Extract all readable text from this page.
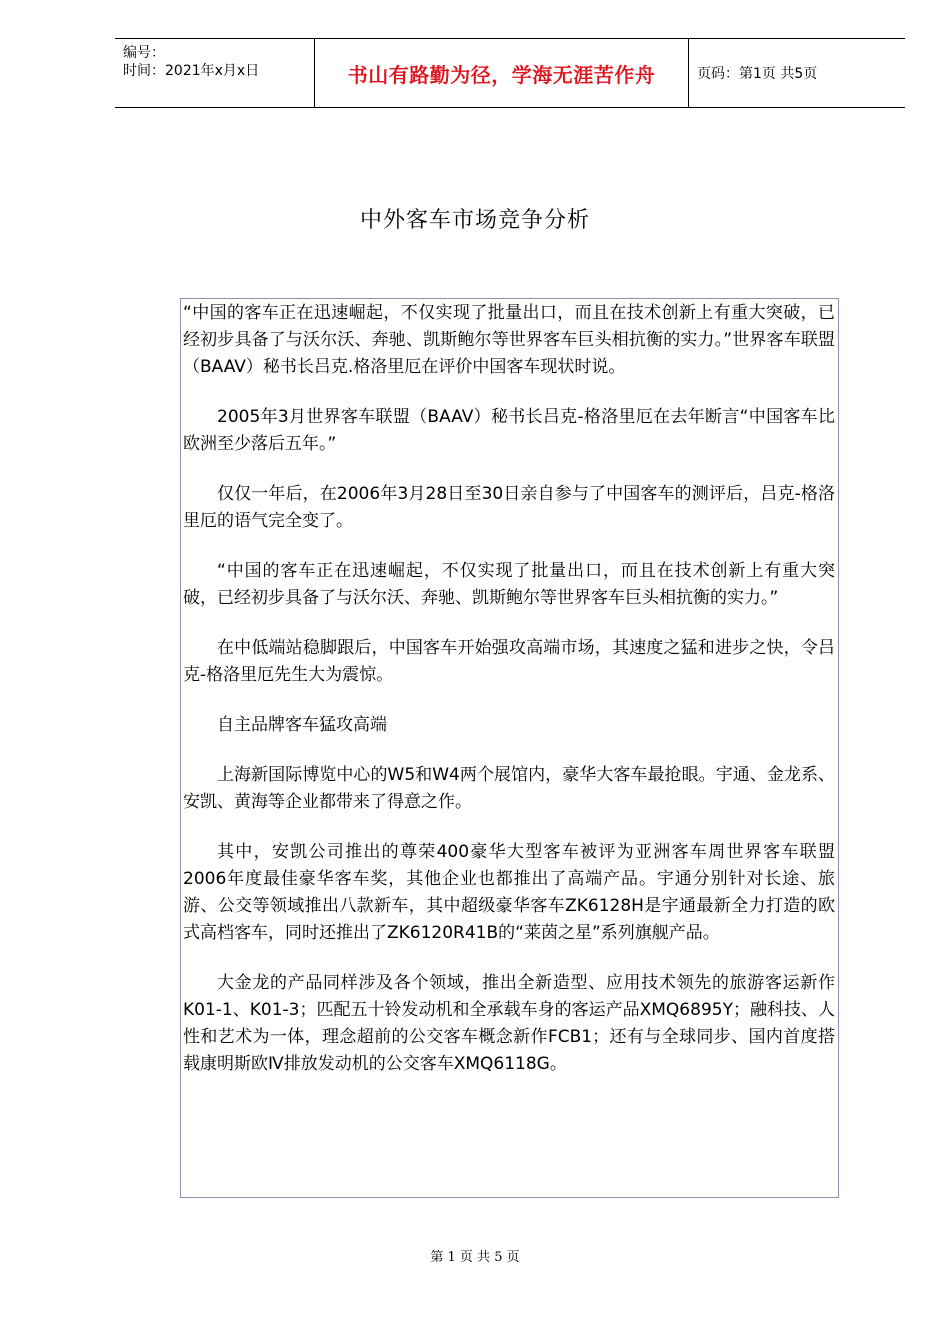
编号：
时间：2021年x月x日	书山有路勤为径，学海无涯苦作舟	页码：第1页 共5页
中外客车市场竞争分析

“中国的客车正在迅速崛起，不仅实现了批量出口，而且在技术创新上有重大突破，已经初步具备了与沃尔沃、奔驰、凯斯鲍尔等世界客车巨头相抗衡的实力。”世界客车联盟（BAAV）秘书长吕克.格洛里厄在评价中国客车现状时说。

2005年3月世界客车联盟（BAAV）秘书长吕克-格洛里厄在去年断言“中国客车比欧洲至少落后五年。”

仅仅一年后，在2006年3月28日至30日亲自参与了中国客车的测评后，吕克-格洛里厄的语气完全变了。

“中国的客车正在迅速崛起，不仅实现了批量出口，而且在技术创新上有重大突破，已经初步具备了与沃尔沃、奔驰、凯斯鲍尔等世界客车巨头相抗衡的实力。”

在中低端站稳脚跟后，中国客车开始强攻高端市场，其速度之猛和进步之快，令吕克-格洛里厄先生大为震惊。

自主品牌客车猛攻高端

上海新国际博览中心的W5和W4两个展馆内，豪华大客车最抢眼。宇通、金龙系、安凯、黄海等企业都带来了得意之作。

其中，安凯公司推出的尊荣400豪华大型客车被评为亚洲客车周世界客车联盟2006年度最佳豪华客车奖，其他企业也都推出了高端产品。宇通分别针对长途、旅游、公交等领域推出八款新车，其中超级豪华客车ZK6128H是宇通最新全力打造的欧式高档客车，同时还推出了ZK6120R41B的“莱茵之星”系列旗舰产品。

大金龙的产品同样涉及各个领域，推出全新造型、应用技术领先的旅游客运新作K01-1、K01-3；匹配五十铃发动机和全承载车身的客运产品XMQ6895Y；融科技、人性和艺术为一体，理念超前的公交客车概念新作FCB1；还有与全球同步、国内首度搭载康明斯欧Ⅳ排放发动机的公交客车XMQ6118G。

第 1 页 共 5 页
